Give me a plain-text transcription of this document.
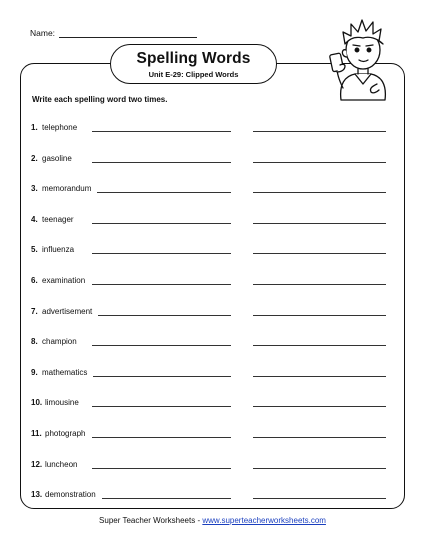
Name:
Spelling Words
Unit E-29: Clipped Words
Write each spelling word two times.
1. telephone
2. gasoline
3. memorandum
4. teenager
5. influenza
6. examination
7. advertisement
8. champion
9. mathematics
10. limousine
11. photograph
12. luncheon
13. demonstration
Super Teacher Worksheets - www.superteacherworksheets.com
